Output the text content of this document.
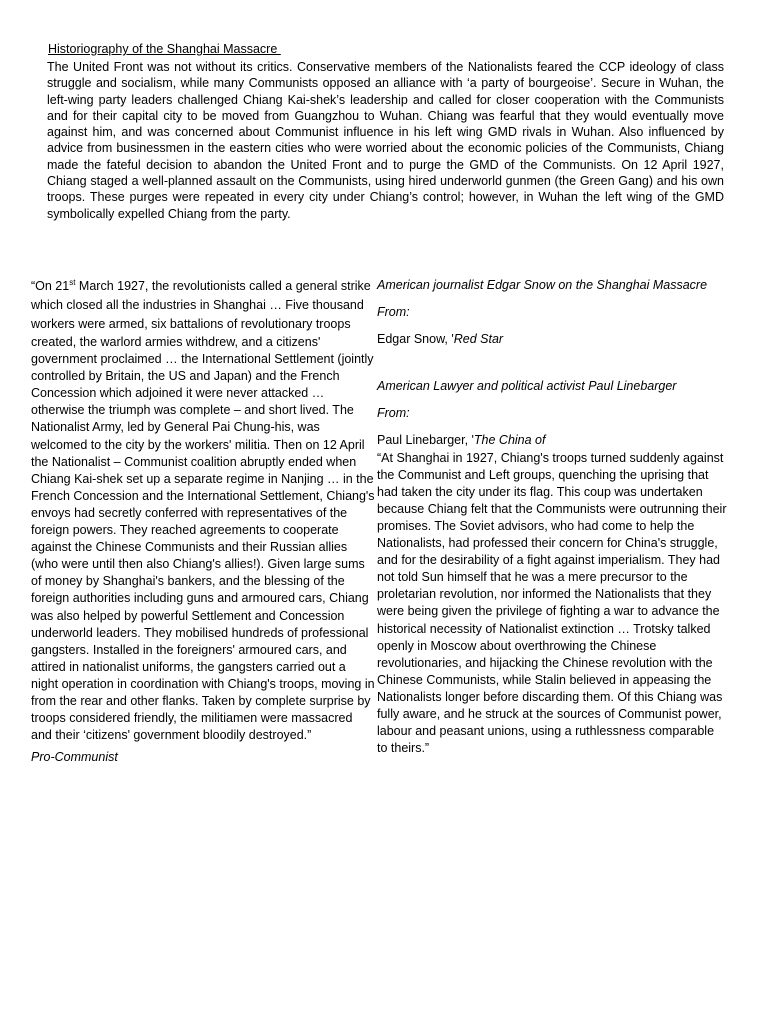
Historiography of the Shanghai Massacre

The United Front was not without its critics. Conservative members of the Nationalists feared the CCP ideology of class struggle and socialism, while many Communists opposed an alliance with ‘a party of bourgeoise’. Secure in Wuhan, the left-wing party leaders challenged Chiang Kai-shek’s leadership and called for closer cooperation with the Communists and for their capital city to be moved from Guangzhou to Wuhan. Chiang was fearful that they would eventually move against him, and was concerned about Communist influence in his left wing GMD rivals in Wuhan. Also influenced by advice from businessmen in the eastern cities who were worried about the economic policies of the Communists, Chiang made the fateful decision to abandon the United Front and to purge the GMD of the Communists. On 12 April 1927, Chiang staged a well-planned assault on the Communists, using hired underworld gunmen (the Green Gang) and his own troops. These purges were repeated in every city under Chiang’s control; however, in Wuhan the left wing of the GMD symbolically expelled Chiang from the party.

“On 21st March 1927, the revolutionists called a general strike which closed all the industries in Shanghai … Five thousand workers were armed, six battalions of revolutionary troops

created, the warlord armies withdrew, and a citizens' government proclaimed … the International Settlement (jointly controlled by Britain, the US and Japan) and the French Concession which adjoined it were never attacked … otherwise the triumph was complete – and short lived. The Nationalist Army, led by General Pai Chung-his, was welcomed to the city by the workers' militia. Then on 12 April the Nationalist – Communist coalition abruptly ended when Chiang Kai-shek set up a separate regime in Nanjing … in the French Concession and the International Settlement, Chiang's envoys had secretly conferred with representatives of the foreign powers. They reached agreements to cooperate against the Chinese Communists and their Russian allies (who were until then also Chiang's allies!). Given large sums of money by Shanghai's bankers, and the blessing of the foreign authorities including guns and armoured cars, Chiang was also helped by powerful Settlement and Concession underworld leaders. They mobilised hundreds of professional gangsters. Installed in the foreigners' armoured cars, and attired in nationalist uniforms, the gangsters carried out a night operation in coordination with Chiang's troops, moving in from the rear and other flanks. Taken by complete surprise by troops considered friendly, the militiamen were massacred and their ‘citizens' government bloodily destroyed.”

Pro-Communist

American journalist Edgar Snow on the Shanghai Massacre

From:

Edgar Snow, 'Red Star

American Lawyer and political activist Paul Linebarger

From:

Paul Linebarger, 'The China of

“At Shanghai in 1927, Chiang's troops turned suddenly against the Communist and Left groups, quenching the uprising that had taken the city under its flag. This coup was undertaken because Chiang felt that the Communists were outrunning their promises. The Soviet advisors, who had come to help the Nationalists, had professed their concern for China's struggle, and for the desirability of a fight against imperialism. They had not told Sun himself that he was a mere precursor to the proletarian revolution, nor informed the Nationalists that they were being given the privilege of fighting a war to advance the historical necessity of Nationalist extinction … Trotsky talked openly in Moscow about overthrowing the Chinese revolutionaries, and hijacking the Chinese revolution with the Chinese Communists, while Stalin believed in appeasing the Nationalists longer before discarding them. Of this Chiang was fully aware, and he struck at the sources of Communist power, labour and peasant unions, using a ruthlessness comparable to theirs.”
